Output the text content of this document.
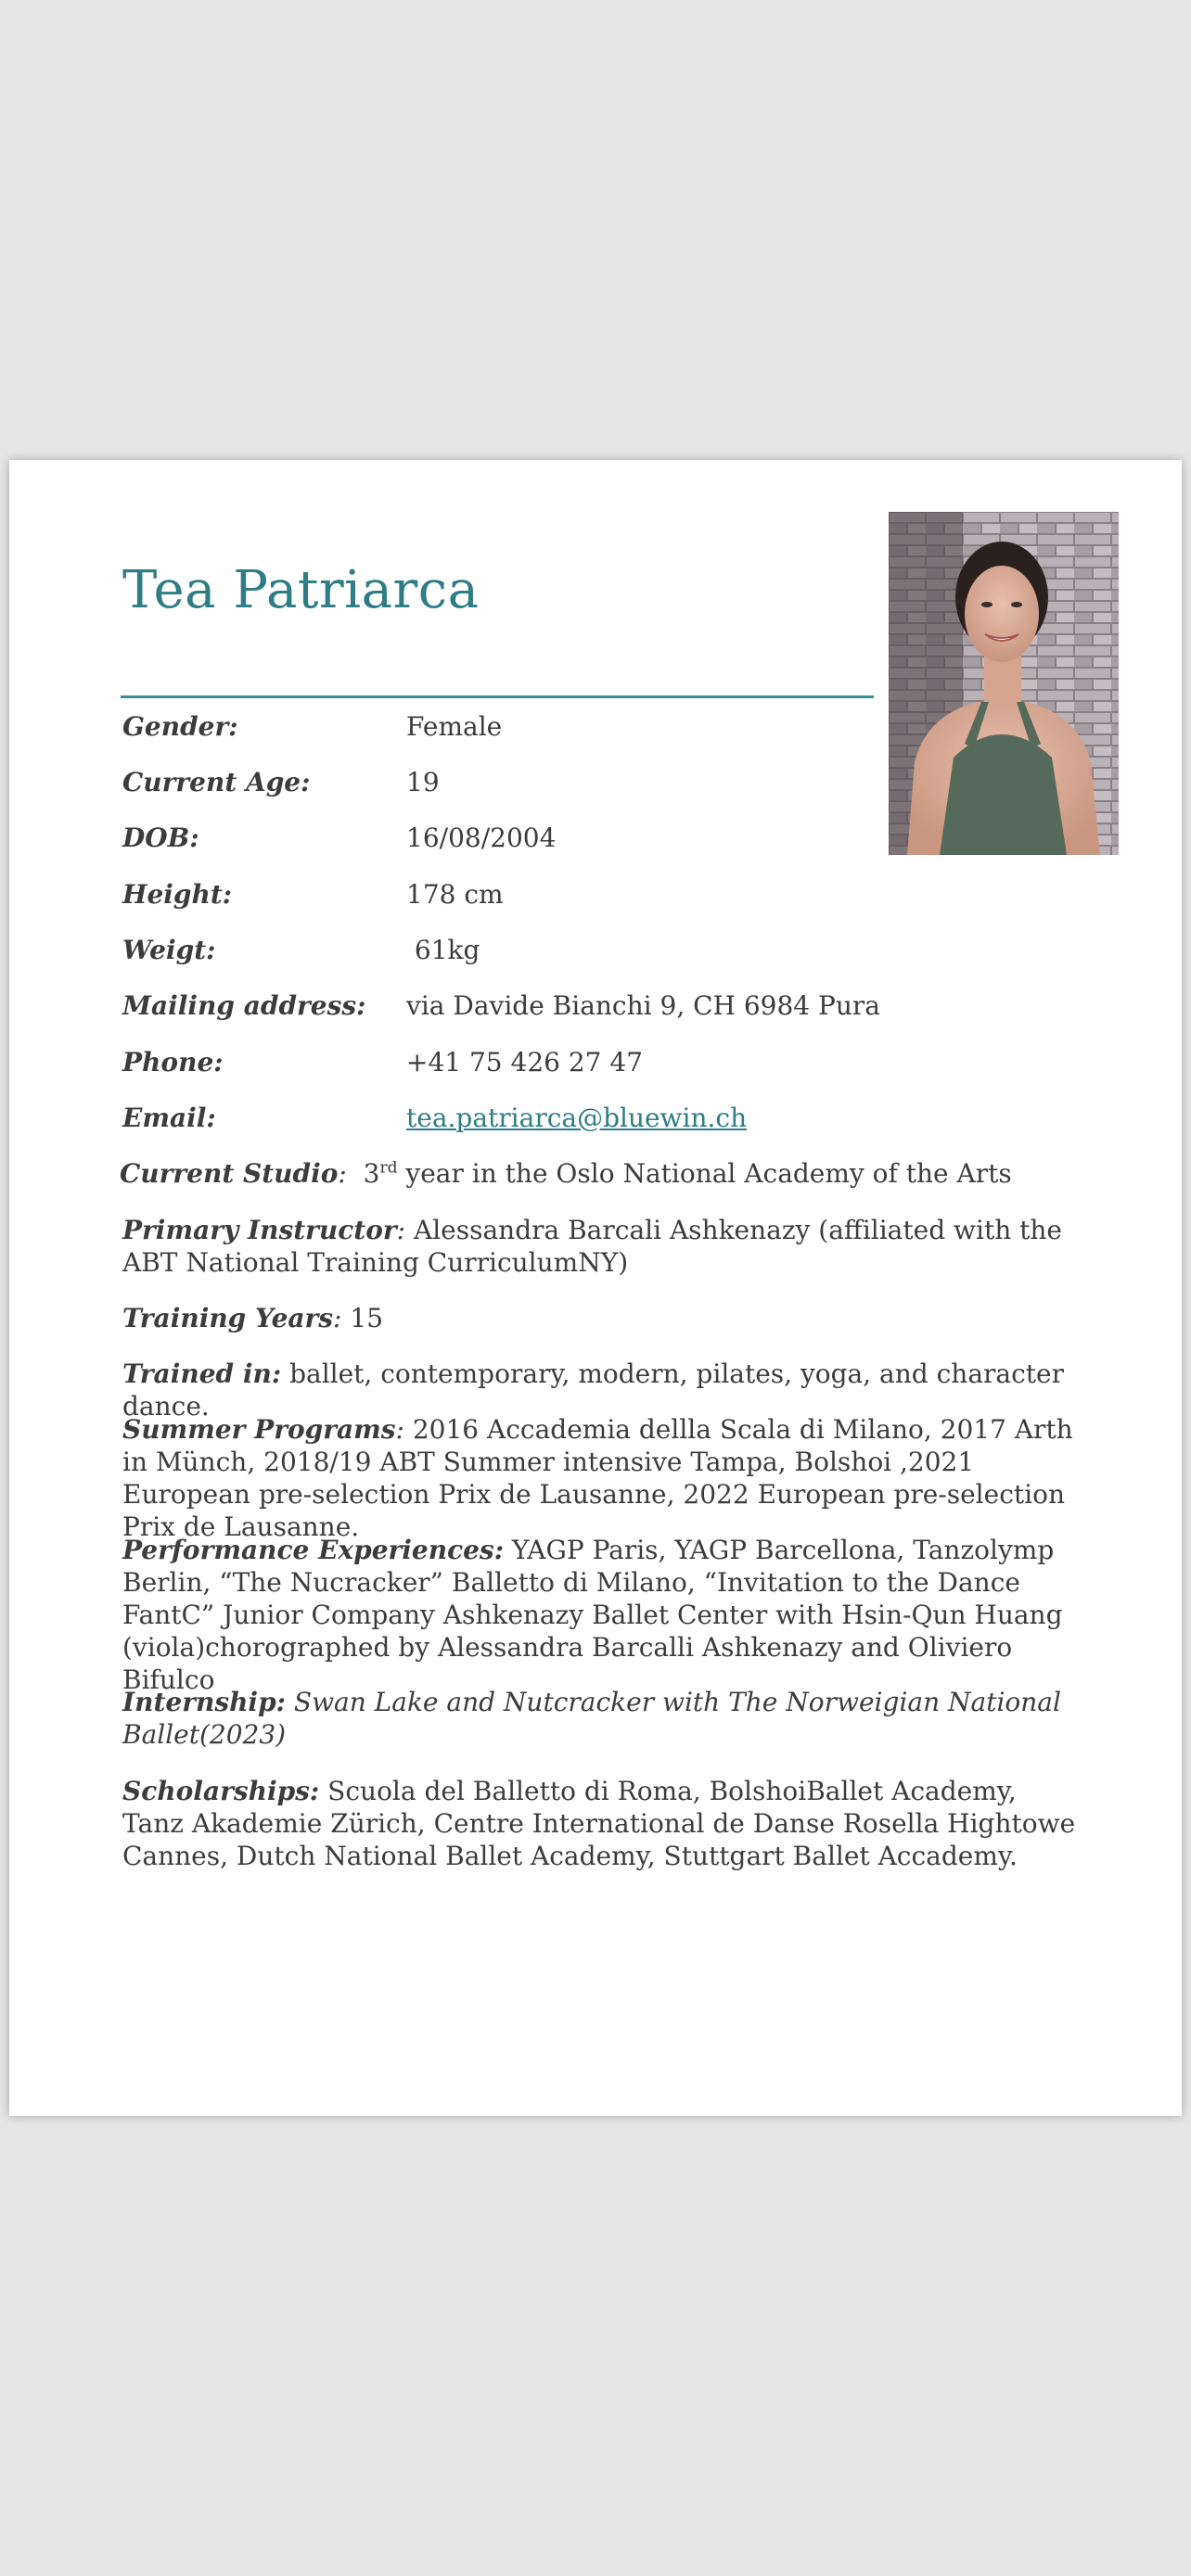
Tea Patriarca
Gender:	Female
Current Age:	19
DOB:	16/08/2004
Height:	178 cm
Weigt:	61kg
Mailing address: via Davide Bianchi 9, CH 6984 Pura
Phone:	+41 75 426 27 47
Email:	tea.patriarca@bluewin.ch
Current Studio: 3rd year in the Oslo National Academy of the Arts
Primary Instructor: Alessandra Barcali Ashkenazy (affiliated with the ABT National Training CurriculumNY)
Training Years: 15
Trained in: ballet, contemporary, modern, pilates, yoga, and character dance.
Summer Programs: 2016 Accademia dellla Scala di Milano, 2017 Arth in Münch, 2018/19 ABT Summer intensive Tampa, Bolshoi ,2021 European pre-selection Prix de Lausanne, 2022 European pre-selection Prix de Lausanne.
Performance Experiences: YAGP Paris, YAGP Barcellona, Tanzolymp Berlin, “The Nucracker” Balletto di Milano, “Invitation to the Dance FantC” Junior Company Ashkenazy Ballet Center with Hsin-Qun Huang (viola)chorographed by Alessandra Barcalli Ashkenazy and Oliviero Bifulco
Internship: Swan Lake and Nutcracker with The Norweigian National Ballet(2023)
Scholarships: Scuola del Balletto di Roma, BolshoiBallet Academy, Tanz Akademie Zürich, Centre International de Danse Rosella Hightowe Cannes, Dutch National Ballet Academy, Stuttgart Ballet Accademy.
